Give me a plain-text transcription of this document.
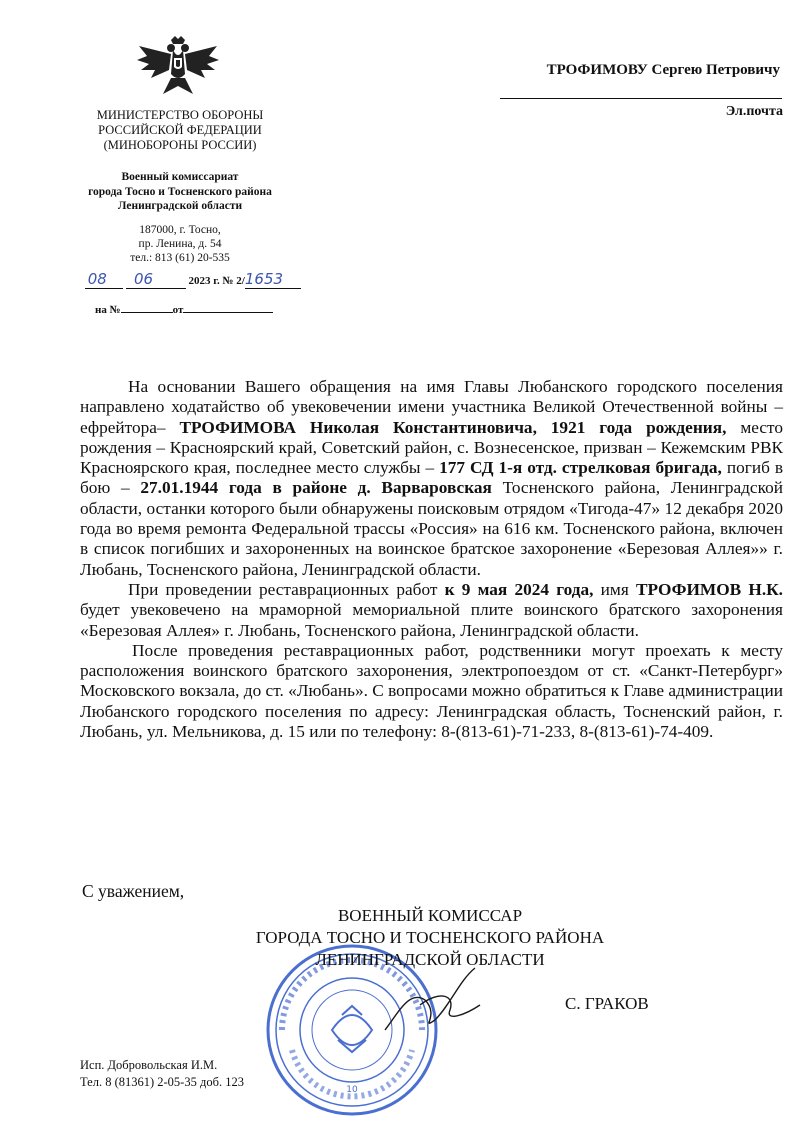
МИНИСТЕРСТВО ОБОРОНЫ
РОССИЙСКОЙ ФЕДЕРАЦИИ
(МИНОБОРОНЫ РОССИИ)
Военный комиссариат
города Тосно и Тосненского района
Ленинградской области
187000, г. Тосно,
пр. Ленина, д. 54
тел.: 813 (61) 20-535
08 06	2023 г. № 2/1653
на №	от
ТРОФИМОВУ Сергею Петровичу
Эл.почта

На основании Вашего обращения на имя Главы Любанского городского поселения направлено ходатайство об увековечении имени участника Великой Отечественной войны – ефрейтора– ТРОФИМОВА Николая Константиновича, 1921 года рождения, место рождения – Красноярский край, Советский район, с. Вознесенское, призван – Кежемским РВК Красноярского края, последнее место службы – 177 СД 1-я отд. стрелковая бригада, погиб в бою – 27.01.1944 года в районе д. Варваровская Тосненского района, Ленинградской области, останки которого были обнаружены поисковым отрядом «Тигода-47» 12 декабря 2020 года во время ремонта Федеральной трассы «Россия» на 616 км. Тосненского района, включен в список погибших и захороненных на воинское братское захоронение «Березовая Аллея»» г. Любань, Тосненского района, Ленинградской области.

При проведении реставрационных работ к 9 мая 2024 года, имя ТРОФИМОВ Н.К. будет увековечено на мраморной мемориальной плите воинского братского захоронения «Березовая Аллея» г. Любань, Тосненского района, Ленинградской области.

После проведения реставрационных работ, родственники могут проехать к месту расположения воинского братского захоронения, электропоездом от ст. «Санкт-Петербург» Московского вокзала, до ст. «Любань». С вопросами можно обратиться к Главе администрации Любанского городского поселения по адресу: Ленинградская область, Тосненский район, г. Любань, ул. Мельникова, д. 15 или по телефону: 8-(813-61)-71-233, 8-(813-61)-74-409.

С уважением,
10
ВОЕННЫЙ КОМИССАР
ГОРОДА ТОСНО И ТОСНЕНСКОГО РАЙОНА
ЛЕНИНГРАДСКОЙ ОБЛАСТИ
С. ГРАКОВ
Исп. Добровольская И.М.
Тел. 8 (81361) 2-05-35 доб. 123
